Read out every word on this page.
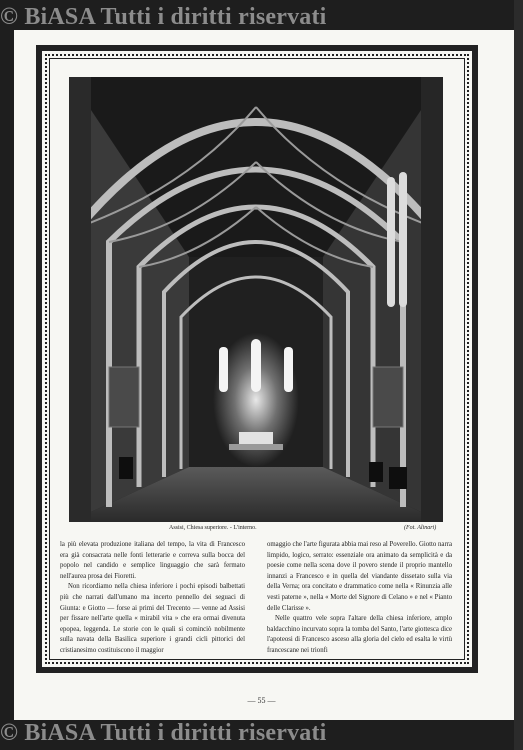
© BiASA Tutti i diritti riservati
Assisi, Chiesa superiore. - L'interno.	(Fot. Alinari)

la più elevata produzione italiana del tempo, la vita di Francesco era già consacrata nelle fonti letterarie e correva sulla bocca del popolo nel candido e semplice linguaggio che sarà fermato nell'aurea prosa dei Fioretti.

Non ricordiamo nella chiesa inferiore i pochi episodi balbettati più che narrati dall'umano ma incerto pennello dei seguaci di Giunta: e Giotto — forse ai primi del Trecento — venne ad Assisi per fissare nell'arte quella « mirabil vita » che era ormai divenuta epopea, leggenda. Le storie con le quali si cominciò nobilmente sulla navata della Basilica superiore i grandi cicli pittorici del cristianesimo costituiscono il maggior

omaggio che l'arte figurata abbia mai reso al Poverello. Giotto narra limpido, logico, serrato: essenziale ora animato da semplicità e da poesie come nella scena dove il povero stende il proprio mantello innanzi a Francesco e in quella del viandante dissetato sulla via della Verna; ora concitato e drammatico come nella « Rinunzia alle vesti paterne », nella « Morte del Signore di Celano » e nel « Pianto delle Clarisse ».

Nelle quattro vele sopra l'altare della chiesa inferiore, amplo baldacchino incurvato sopra la tomba del Santo, l'arte giottesca dice l'apoteosi di Francesco asceso alla gloria del cielo ed esalta le virtù francescane nei trionfi

— 55 —
© BiASA Tutti i diritti riservati
